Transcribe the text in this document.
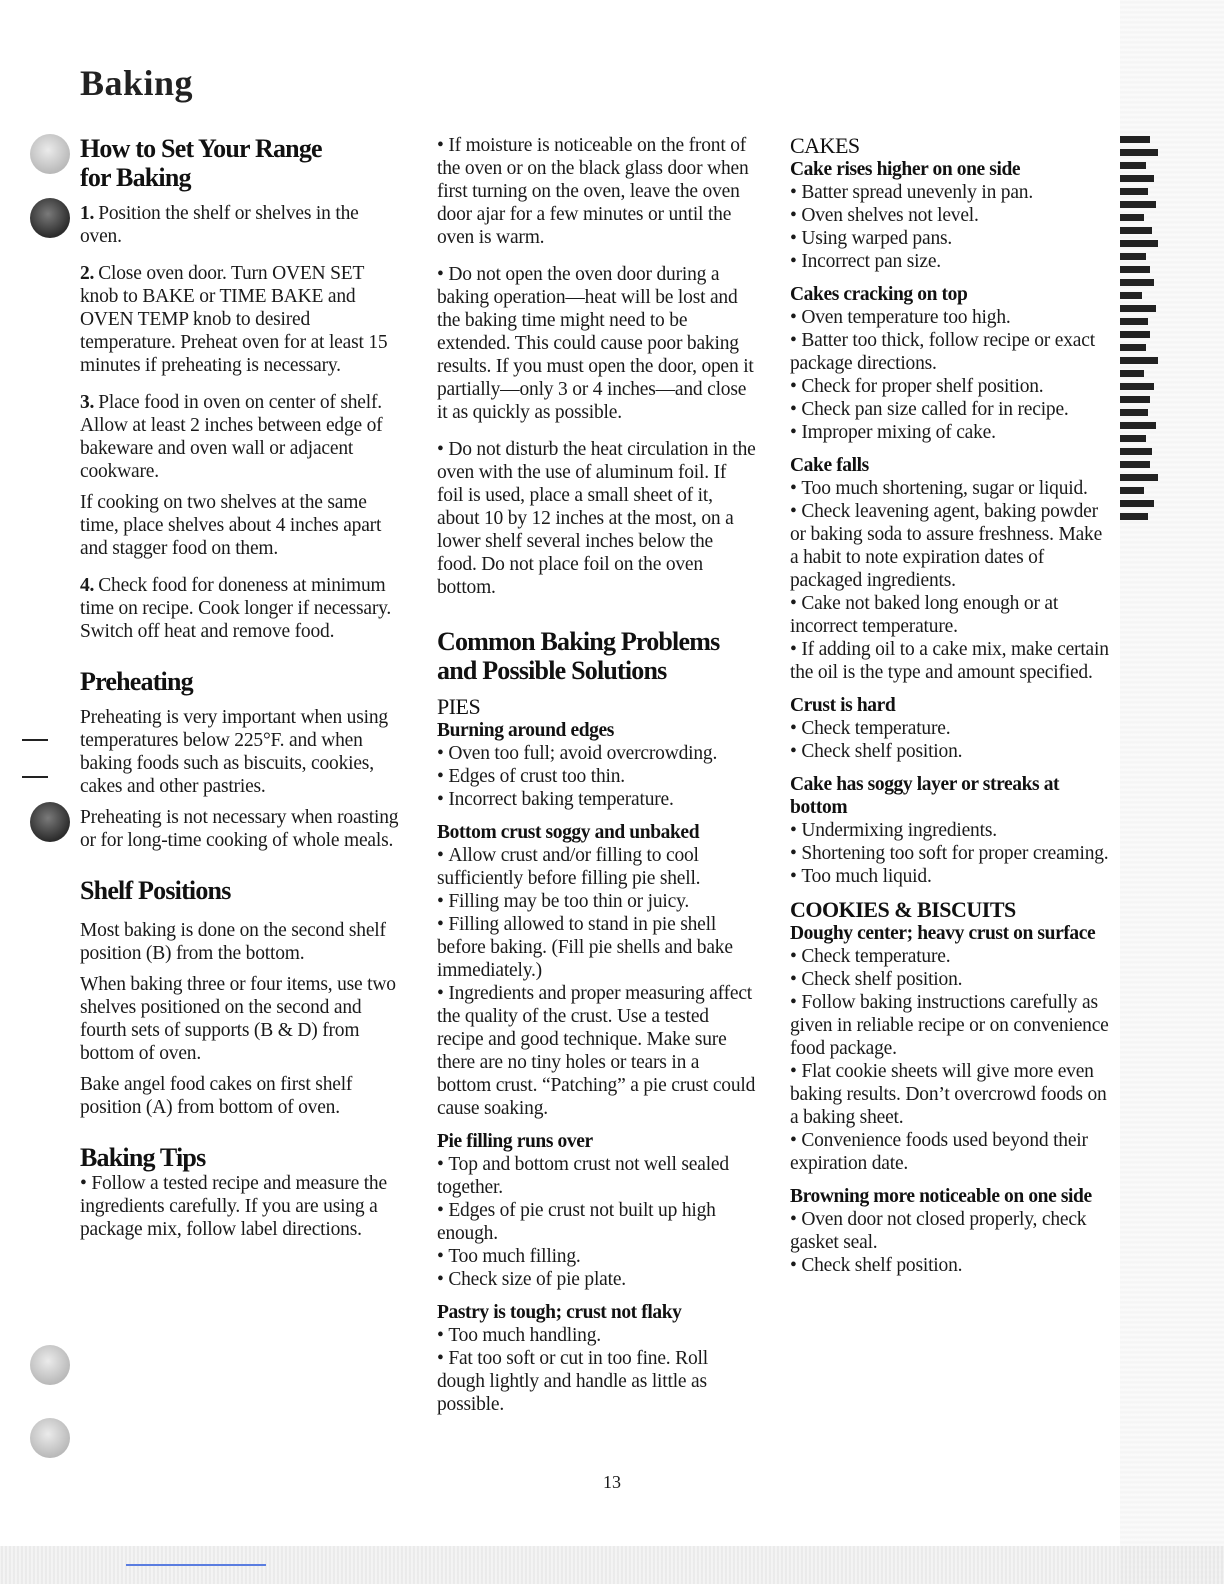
Baking
How to Set Your Range
for Baking

1. Position the shelf or shelves in the oven.

2. Close oven door. Turn OVEN SET knob to BAKE or TIME BAKE and OVEN TEMP knob to desired temperature. Preheat oven for at least 15 minutes if preheating is necessary.

3. Place food in oven on center of shelf. Allow at least 2 inches between edge of bakeware and oven wall or adjacent cookware.

If cooking on two shelves at the same time, place shelves about 4 inches apart and stagger food on them.

4. Check food for doneness at minimum time on recipe. Cook longer if necessary. Switch off heat and remove food.

Preheating

Preheating is very important when using temperatures below 225°F. and when baking foods such as biscuits, cookies, cakes and other pastries.

Preheating is not necessary when roasting or for long-time cooking of whole meals.

Shelf Positions

Most baking is done on the second shelf position (B) from the bottom.

When baking three or four items, use two shelves positioned on the second and fourth sets of supports (B & D) from bottom of oven.

Bake angel food cakes on first shelf position (A) from bottom of oven.

Baking Tips
• Follow a tested recipe and measure the ingredients carefully. If you are using a package mix, follow label directions.
• If moisture is noticeable on the front of the oven or on the black glass door when first turning on the oven, leave the oven door ajar for a few minutes or until the oven is warm.
• Do not open the oven door during a baking operation—heat will be lost and the baking time might need to be extended. This could cause poor baking results. If you must open the door, open it partially—only 3 or 4 inches—and close it as quickly as possible.
• Do not disturb the heat circulation in the oven with the use of aluminum foil. If foil is used, place a small sheet of it, about 10 by 12 inches at the most, on a lower shelf several inches below the food. Do not place foil on the oven bottom.
Common Baking Problems
and Possible Solutions
PIES
Burning around edges
• Oven too full; avoid overcrowding.
• Edges of crust too thin.
• Incorrect baking temperature.
Bottom crust soggy and unbaked
• Allow crust and/or filling to cool sufficiently before filling pie shell.
• Filling may be too thin or juicy.
• Filling allowed to stand in pie shell before baking. (Fill pie shells and bake immediately.)
• Ingredients and proper measuring affect the quality of the crust. Use a tested recipe and good technique. Make sure there are no tiny holes or tears in a bottom crust. “Patching” a pie crust could cause soaking.
Pie filling runs over
• Top and bottom crust not well sealed together.
• Edges of pie crust not built up high enough.
• Too much filling.
• Check size of pie plate.
Pastry is tough; crust not flaky
• Too much handling.
• Fat too soft or cut in too fine. Roll dough lightly and handle as little as possible.
CAKES
Cake rises higher on one side
• Batter spread unevenly in pan.
• Oven shelves not level.
• Using warped pans.
• Incorrect pan size.
Cakes cracking on top
• Oven temperature too high.
• Batter too thick, follow recipe or exact package directions.
• Check for proper shelf position.
• Check pan size called for in recipe.
• Improper mixing of cake.
Cake falls
• Too much shortening, sugar or liquid.
• Check leavening agent, baking powder or baking soda to assure freshness. Make a habit to note expiration dates of packaged ingredients.
• Cake not baked long enough or at incorrect temperature.
• If adding oil to a cake mix, make certain the oil is the type and amount specified.
Crust is hard
• Check temperature.
• Check shelf position.
Cake has soggy layer or streaks at bottom
• Undermixing ingredients.
• Shortening too soft for proper creaming.
• Too much liquid.
COOKIES & BISCUITS
Doughy center; heavy crust on surface
• Check temperature.
• Check shelf position.
• Follow baking instructions carefully as given in reliable recipe or on convenience food package.
• Flat cookie sheets will give more even baking results. Don’t overcrowd foods on a baking sheet.
• Convenience foods used beyond their expiration date.
Browning more noticeable on one side
• Oven door not closed properly, check gasket seal.
• Check shelf position.
13
